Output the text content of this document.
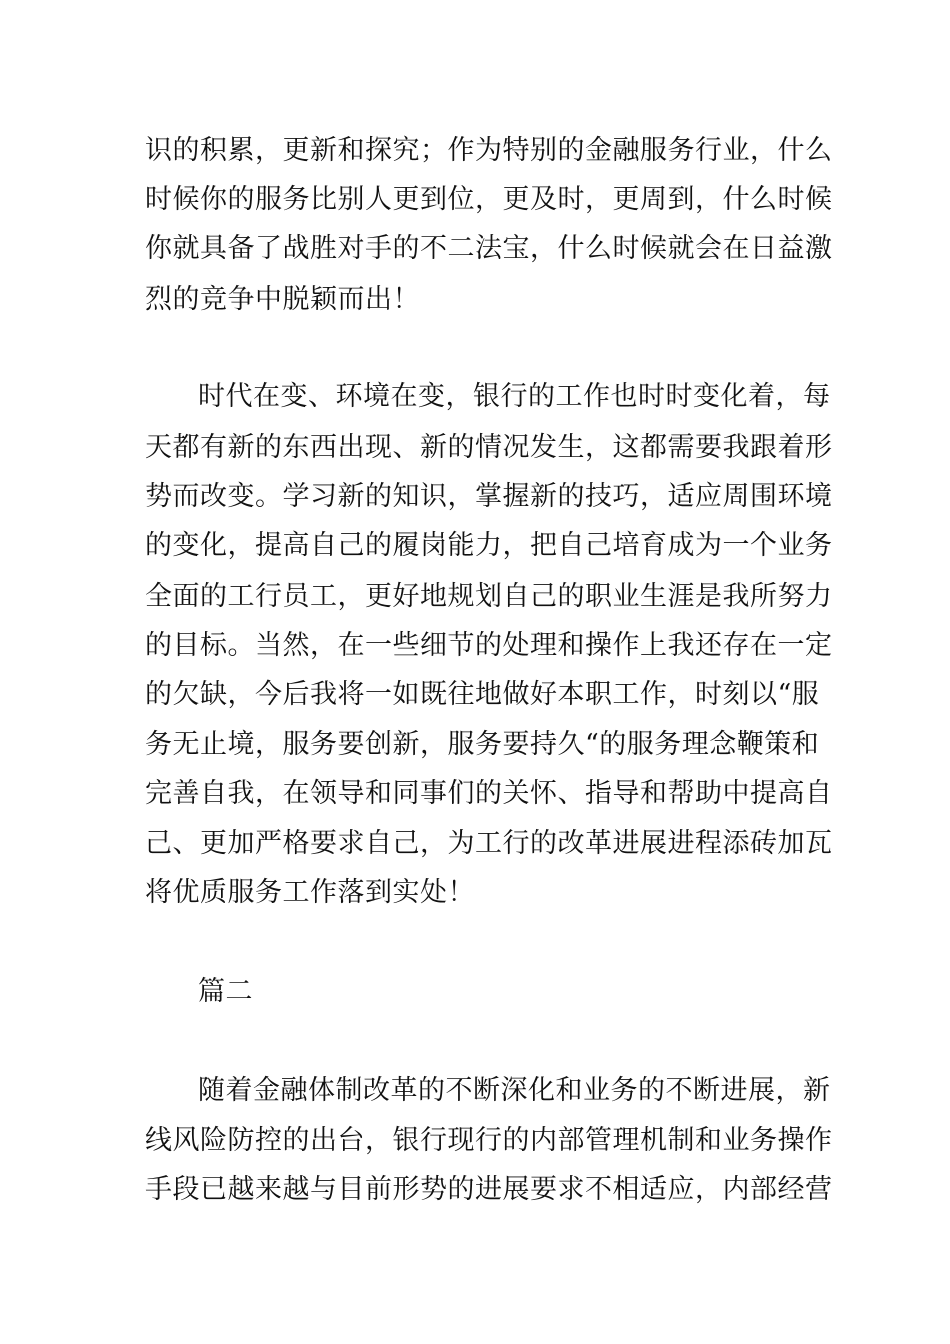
识的积累，更新和探究；作为特别的金融服务行业，什么
时候你的服务比别人更到位，更及时，更周到，什么时候
你就具备了战胜对手的不二法宝，什么时候就会在日益激
烈的竞争中脱颖而出！
时代在变、环境在变，银行的工作也时时变化着，每
天都有新的东西出现、新的情况发生，这都需要我跟着形
势而改变。学习新的知识，掌握新的技巧，适应周围环境
的变化，提高自己的履岗能力，把自己培育成为一个业务
全面的工行员工，更好地规划自己的职业生涯是我所努力
的目标。当然，在一些细节的处理和操作上我还存在一定
的欠缺，今后我将一如既往地做好本职工作，时刻以“服
务无止境，服务要创新，服务要持久“的服务理念鞭策和
完善自我，在领导和同事们的关怀、指导和帮助中提高自
己、更加严格要求自己，为工行的改革进展进程添砖加瓦
将优质服务工作落到实处！
篇二
随着金融体制改革的不断深化和业务的不断进展，新
线风险防控的出台，银行现行的内部管理机制和业务操作
手段已越来越与目前形势的进展要求不相适应，内部经营
